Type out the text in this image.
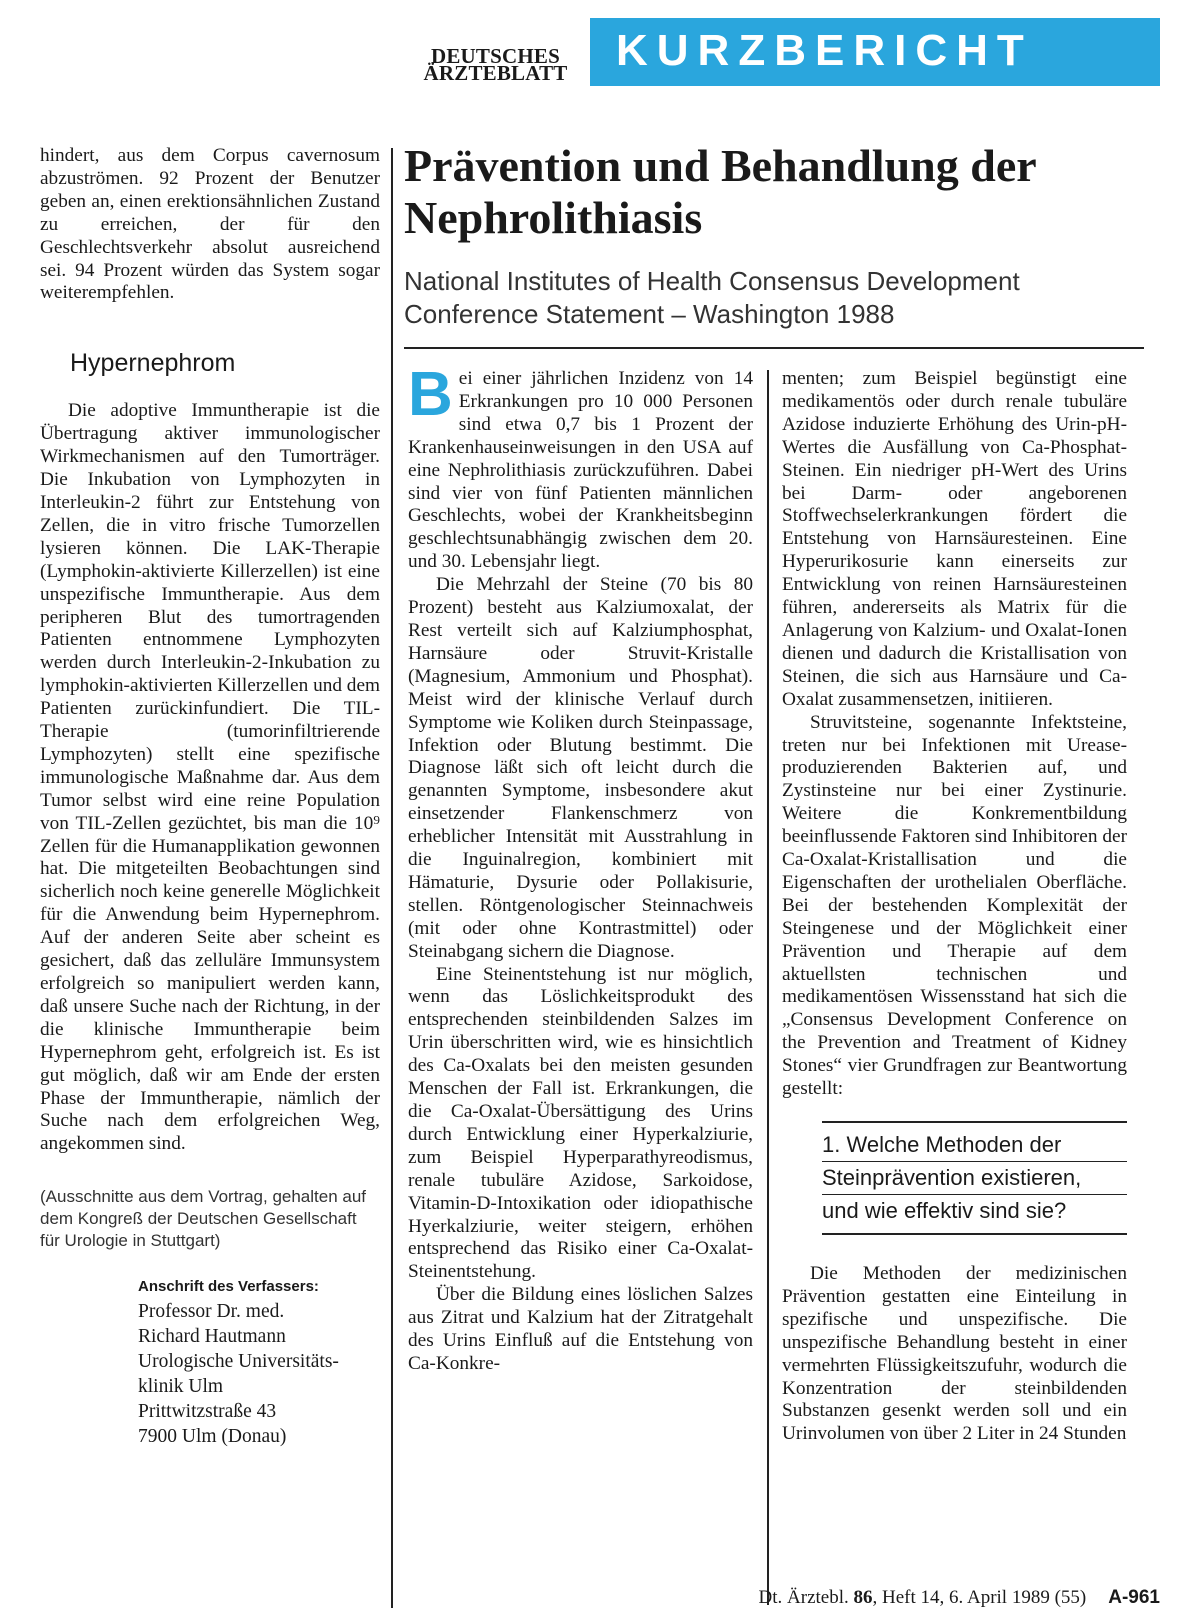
DEUTSCHES
ÄRZTEBLATT	KURZBERICHT

hindert, aus dem Corpus cavernosum abzuströmen. 92 Prozent der Benutzer geben an, einen erektionsähnlichen Zustand zu erreichen, der für den Geschlechtsverkehr absolut ausreichend sei. 94 Prozent würden das System sogar weiterempfehlen.

Hypernephrom

Die adoptive Immuntherapie ist die Übertragung aktiver immunologischer Wirkmechanismen auf den Tumorträger. Die Inkubation von Lymphozyten in Interleukin-2 führt zur Entstehung von Zellen, die in vitro frische Tumorzellen lysieren können. Die LAK-Therapie (Lymphokin-aktivierte Killerzellen) ist eine unspezifische Immuntherapie. Aus dem peripheren Blut des tumortragenden Patienten entnommene Lymphozyten werden durch Interleukin-2-Inkubation zu lymphokin-aktivierten Killerzellen und dem Patienten zurückinfundiert. Die TIL-Therapie (tumorinfiltrierende Lymphozyten) stellt eine spezifische immunologische Maßnahme dar. Aus dem Tumor selbst wird eine reine Population von TIL-Zellen gezüchtet, bis man die 10⁹ Zellen für die Humanapplikation gewonnen hat. Die mitgeteilten Beobachtungen sind sicherlich noch keine generelle Möglichkeit für die Anwendung beim Hypernephrom. Auf der anderen Seite aber scheint es gesichert, daß das zelluläre Immunsystem erfolgreich so manipuliert werden kann, daß unsere Suche nach der Richtung, in der die klinische Immuntherapie beim Hypernephrom geht, erfolgreich ist. Es ist gut möglich, daß wir am Ende der ersten Phase der Immuntherapie, nämlich der Suche nach dem erfolgreichen Weg, angekommen sind.

(Ausschnitte aus dem Vortrag, gehalten auf dem Kongreß der Deutschen Gesellschaft für Urologie in Stuttgart)

Anschrift des Verfassers:
Professor Dr. med.
Richard Hautmann
Urologische Universitäts-
klinik Ulm
Prittwitzstraße 43
7900 Ulm (Donau)
Prävention und Behandlung der Nephrolithiasis

National Institutes of Health Consensus Development Conference Statement – Washington 1988

B ei einer jährlichen Inzidenz von 14 Erkrankungen pro 10 000 Personen sind etwa 0,7 bis 1 Prozent der Krankenhauseinweisungen in den USA auf eine Nephrolithiasis zurückzuführen. Dabei sind vier von fünf Patienten männlichen Geschlechts, wobei der Krankheitsbeginn geschlechtsunabhängig zwischen dem 20. und 30. Lebensjahr liegt.

Die Mehrzahl der Steine (70 bis 80 Prozent) besteht aus Kalziumoxalat, der Rest verteilt sich auf Kalziumphosphat, Harnsäure oder Struvit-Kristalle (Magnesium, Ammonium und Phosphat). Meist wird der klinische Verlauf durch Symptome wie Koliken durch Steinpassage, Infektion oder Blutung bestimmt. Die Diagnose läßt sich oft leicht durch die genannten Symptome, insbesondere akut einsetzender Flankenschmerz von erheblicher Intensität mit Ausstrahlung in die Inguinalregion, kombiniert mit Hämaturie, Dysurie oder Pollakisurie, stellen. Röntgenologischer Steinnachweis (mit oder ohne Kontrastmittel) oder Steinabgang sichern die Diagnose.

Eine Steinentstehung ist nur möglich, wenn das Löslichkeitsprodukt des entsprechenden steinbildenden Salzes im Urin überschritten wird, wie es hinsichtlich des Ca-Oxalats bei den meisten gesunden Menschen der Fall ist. Erkrankungen, die die Ca-Oxalat-Übersättigung des Urins durch Entwicklung einer Hyperkalziurie, zum Beispiel Hyperparathyreodismus, renale tubuläre Azidose, Sarkoidose, Vitamin-D-Intoxikation oder idiopathische Hyerkalziurie, weiter steigern, erhöhen entsprechend das Risiko einer Ca-Oxalat-Steinentstehung.

Über die Bildung eines löslichen Salzes aus Zitrat und Kalzium hat der Zitratgehalt des Urins Einfluß auf die Entstehung von Ca-Konkre-

menten; zum Beispiel begünstigt eine medikamentös oder durch renale tubuläre Azidose induzierte Erhöhung des Urin-pH-Wertes die Ausfällung von Ca-Phosphat-Steinen. Ein niedriger pH-Wert des Urins bei Darm- oder angeborenen Stoffwechselerkrankungen fördert die Entstehung von Harnsäuresteinen. Eine Hyperurikosurie kann einerseits zur Entwicklung von reinen Harnsäuresteinen führen, andererseits als Matrix für die Anlagerung von Kalzium- und Oxalat-Ionen dienen und dadurch die Kristallisation von Steinen, die sich aus Harnsäure und Ca-Oxalat zusammensetzen, initiieren.

Struvitsteine, sogenannte Infektsteine, treten nur bei Infektionen mit Urease-produzierenden Bakterien auf, und Zystinsteine nur bei einer Zystinurie. Weitere die Konkrementbildung beeinflussende Faktoren sind Inhibitoren der Ca-Oxalat-Kristallisation und die Eigenschaften der urothelialen Oberfläche. Bei der bestehenden Komplexität der Steingenese und der Möglichkeit einer Prävention und Therapie auf dem aktuellsten technischen und medikamentösen Wissensstand hat sich die „Consensus Development Conference on the Prevention and Treatment of Kidney Stones“ vier Grundfragen zur Beantwortung gestellt:

1. Welche Methoden der
Steinprävention existieren,
und wie effektiv sind sie?

Die Methoden der medizinischen Prävention gestatten eine Einteilung in spezifische und unspezifische. Die unspezifische Behandlung besteht in einer vermehrten Flüssigkeitszufuhr, wodurch die Konzentration der steinbildenden Substanzen gesenkt werden soll und ein Urinvolumen von über 2 Liter in 24 Stunden

Dt. Ärztebl. 86, Heft 14, 6. April 1989 (55) A-961
